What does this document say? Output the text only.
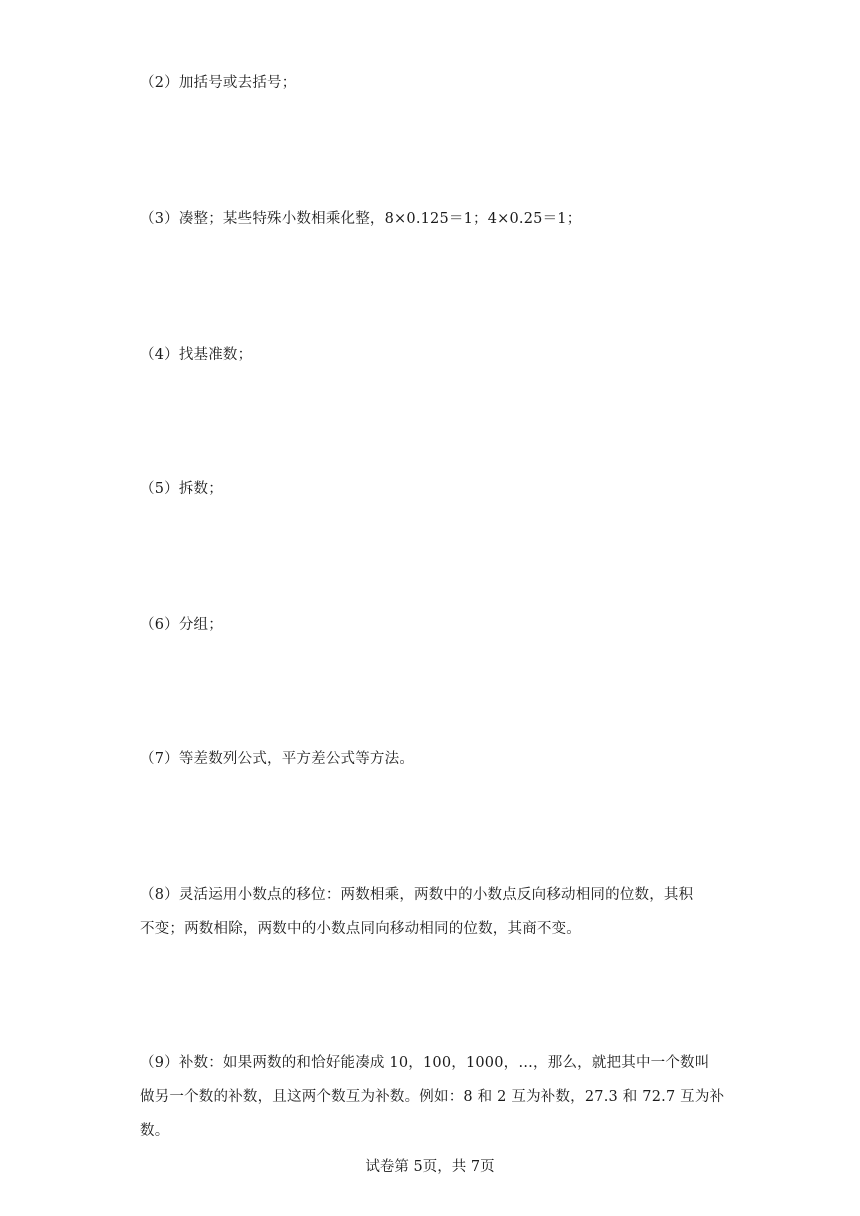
（2）加括号或去括号；
（3）凑整；某些特殊小数相乘化整，8×0.125＝1；4×0.25＝1；
（4）找基准数；
（5）拆数；
（6）分组；
（7）等差数列公式，平方差公式等方法。
（8）灵活运用小数点的移位：两数相乘，两数中的小数点反向移动相同的位数，其积
不变；两数相除，两数中的小数点同向移动相同的位数，其商不变。
（9）补数：如果两数的和恰好能凑成 10，100，1000，…，那么，就把其中一个数叫
做另一个数的补数，且这两个数互为补数。例如：8 和 2 互为补数，27.3 和 72.7 互为补
数。
试卷第 5页，共 7页
